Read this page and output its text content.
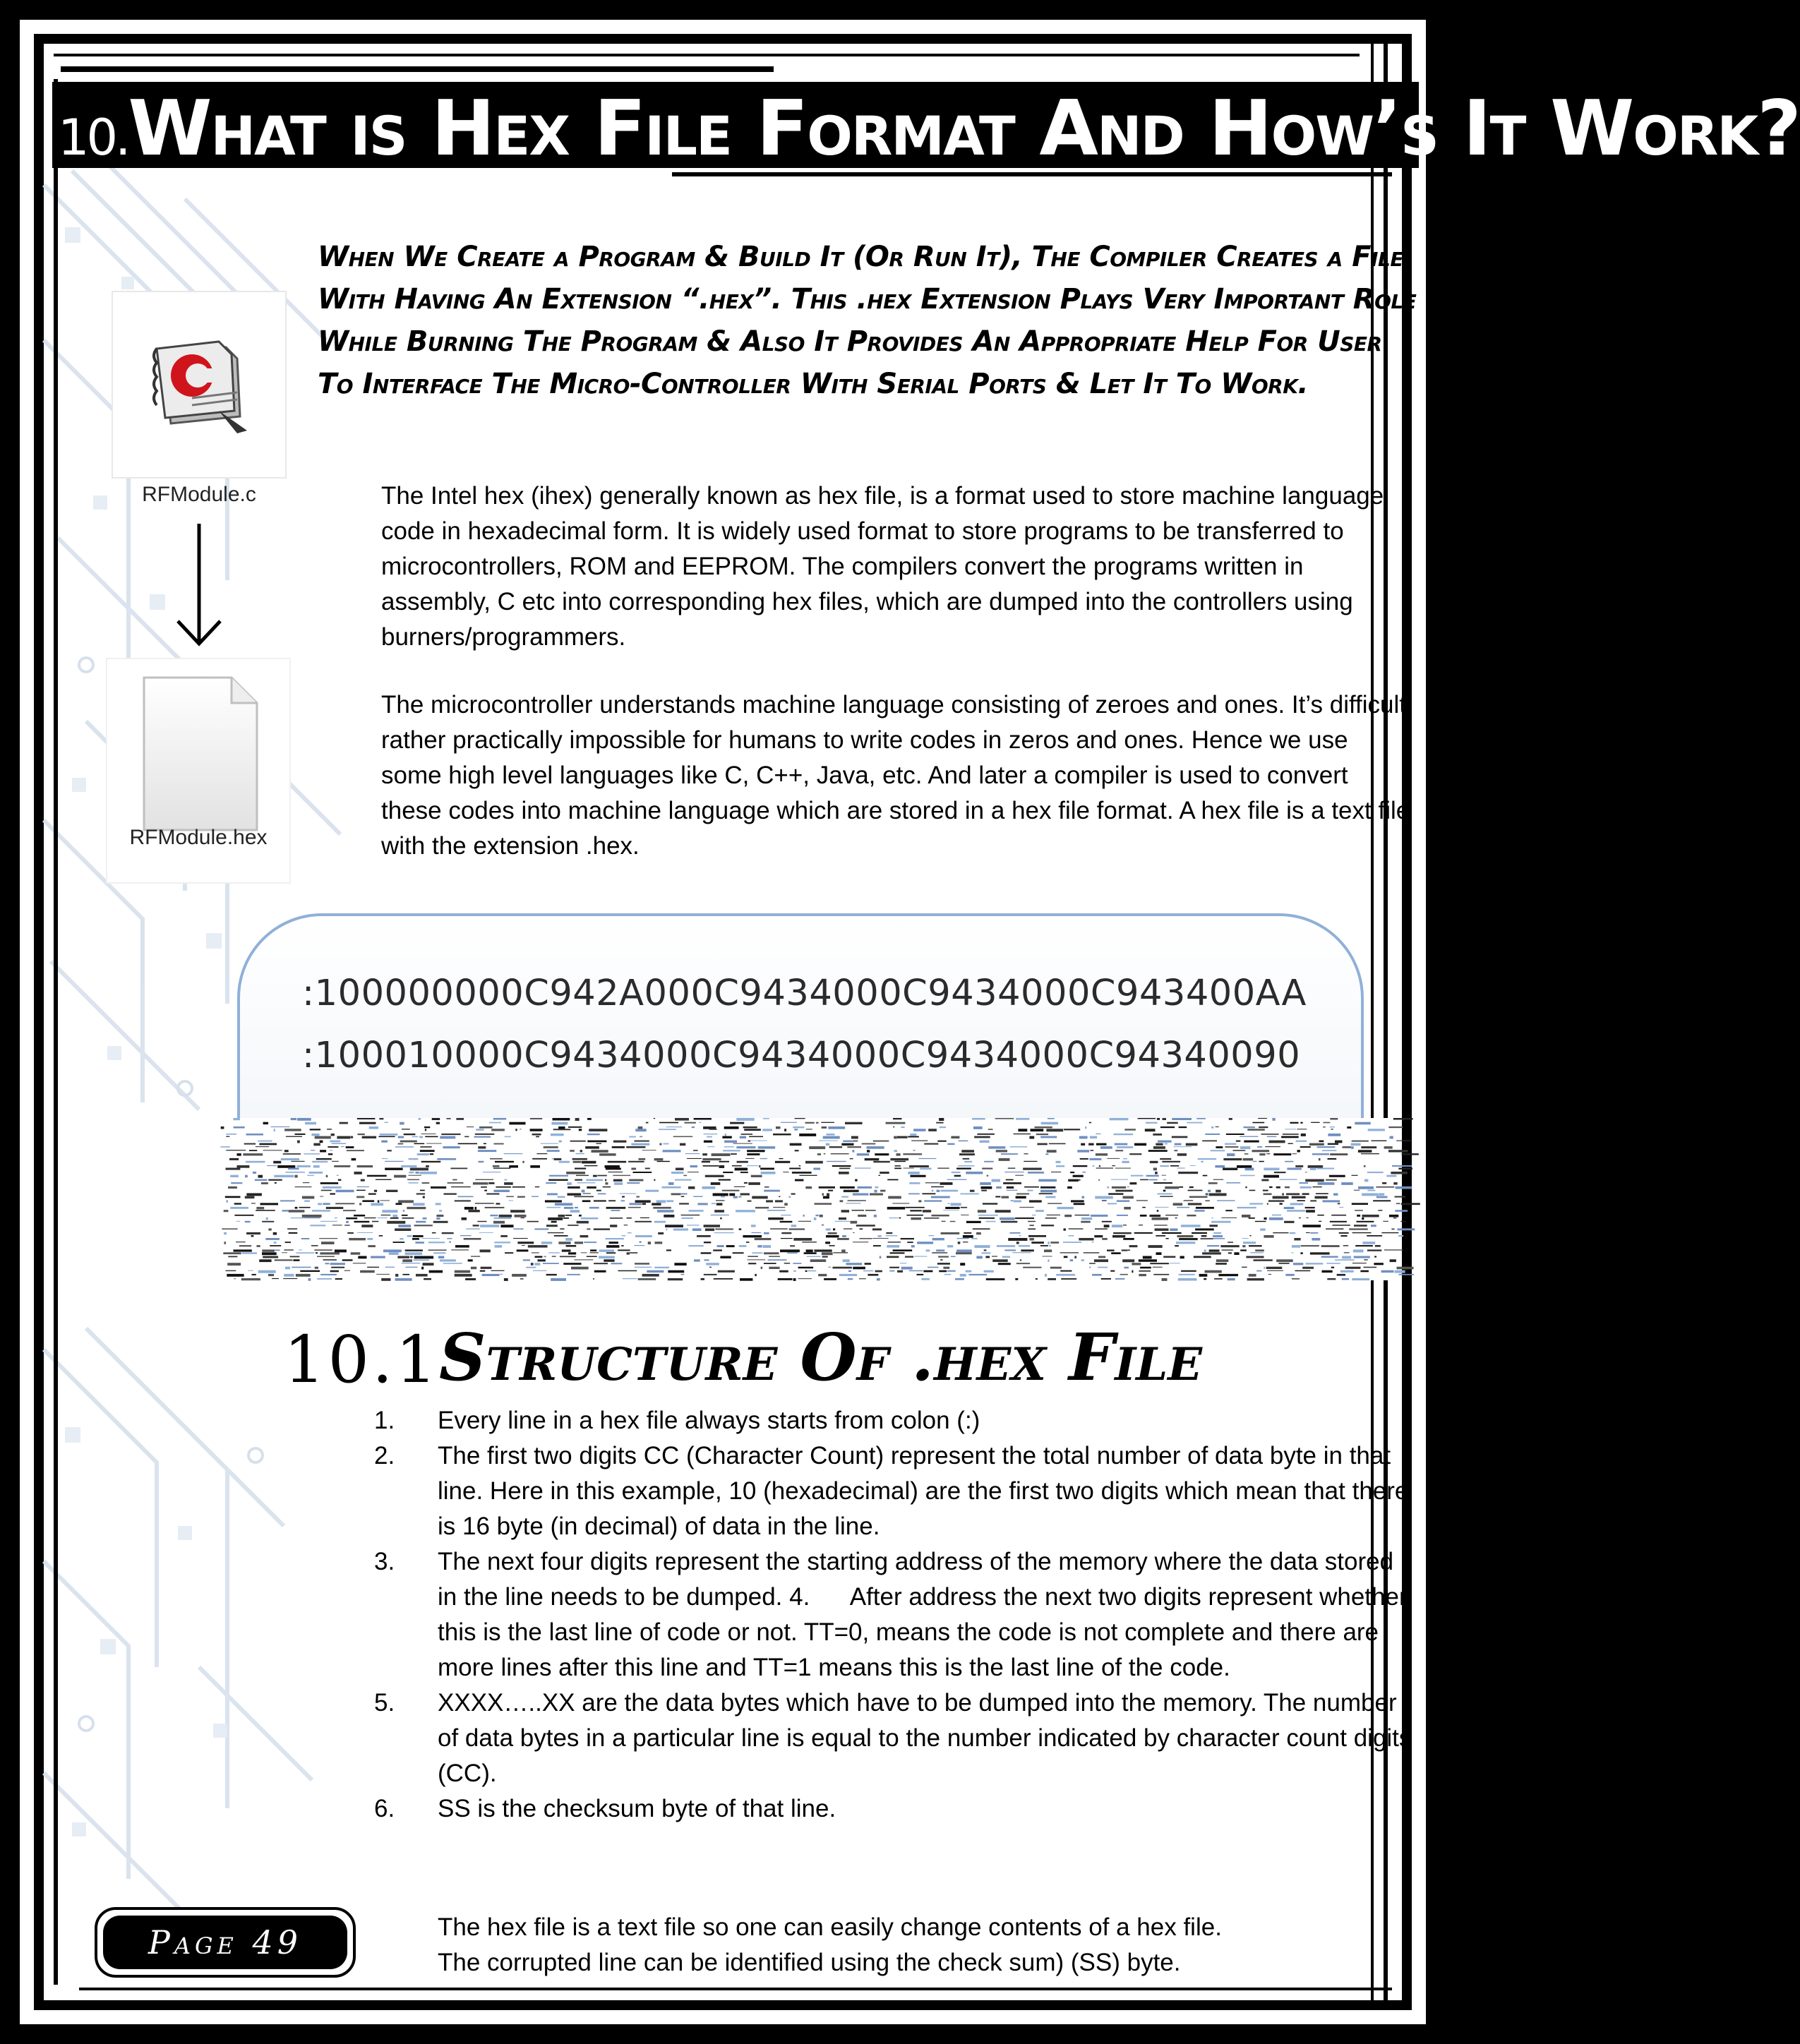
10.What is Hex File Format And How’s It Work?
RFModule.c
RFModule.hex
When We Create a Program & Build It (Or Run It), The Compiler Creates a File With Having An Extension “.hex”. This .hex Extension Plays Very Important Role While Burning The Program & Also It Provides An Appropriate Help For User To Interface The Micro-Controller With Serial Ports & Let It To Work.
The Intel hex (ihex) generally known as hex file, is a format used to store machine language code in hexadecimal form. It is widely used format to store programs to be transferred to microcontrollers, ROM and EEPROM. The compilers convert the programs written in assembly, C etc into corresponding hex files, which are dumped into the controllers using burners/programmers.
The microcontroller understands machine language consisting of zeroes and ones. It’s difficult rather practically impossible for humans to write codes in zeros and ones. Hence we use some high level languages like C, C++, Java, etc. And later a compiler is used to convert these codes into machine language which are stored in a hex file format. A hex file is a text file with the extension .hex.
:100000000C942A000C9434000C9434000C943400AA
:100010000C9434000C9434000C9434000C94340090
10.1 Structure Of .hex File
1. Every line in a hex file always starts from colon (:)
2. The first two digits CC (Character Count) represent the total number of data byte in that line. Here in this example, 10 (hexadecimal) are the first two digits which mean that there is 16 byte (in decimal) of data in the line.
3. The next four digits represent the starting address of the memory where the data stored in the line needs to be dumped. 4.      After address the next two digits represent whether this is the last line of code or not. TT=0, means the code is not complete and there are more lines after this line and TT=1 means this is the last line of the code.
5. XXXX…..XX are the data bytes which have to be dumped into the memory. The number of data bytes in a particular line is equal to the number indicated by character count digits (CC).
6. SS is the checksum byte of that line.
The hex file is a text file so one can easily change contents of a hex file.
The corrupted line can be identified using the check sum) (SS) byte.
Page 49
